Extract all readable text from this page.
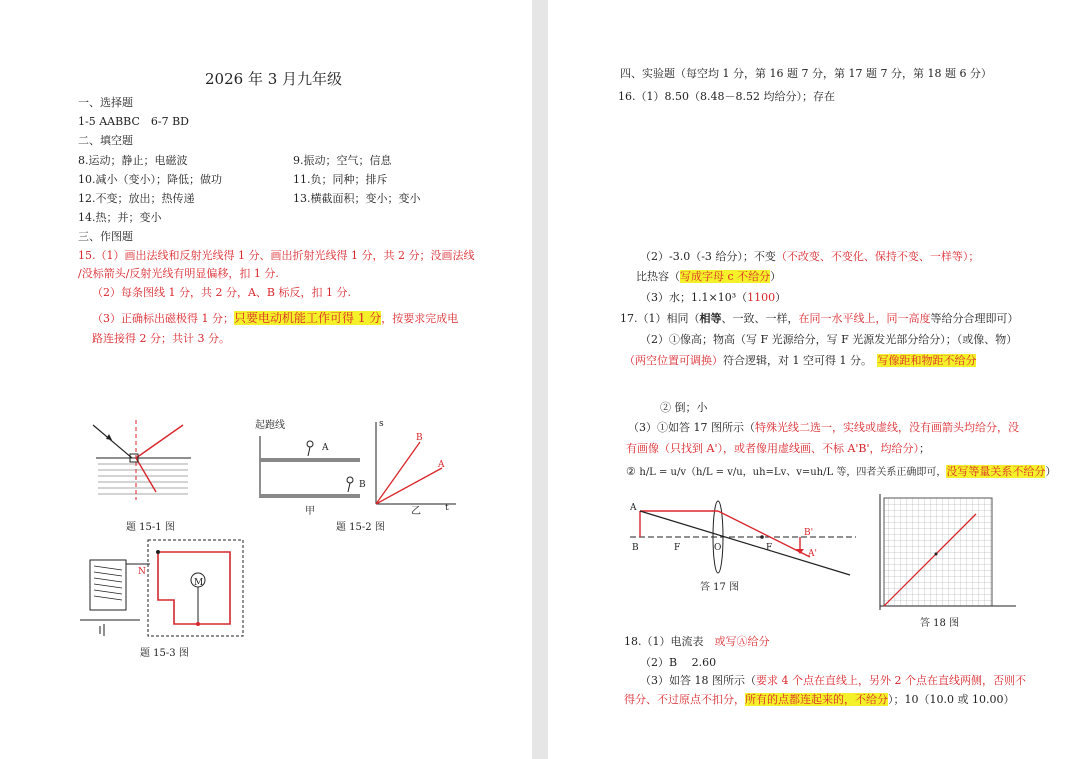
2026 年 3 月九年级
一、选择题
1-5 AABBC　6-7 BD
二、填空题
8.运动；静止；电磁波	9.振动；空气；信息
10.减小（变小）；降低；做功	11.负；同种；排斥
12.不变；放出；热传递	13.横截面积；变小；变小
14.热；并；变小
三、作图题
15.（1）画出法线和反射光线得 1 分、画出折射光线得 1 分，共 2 分；没画法线
/没标箭头/反射光线有明显偏移，扣 1 分.
（2）每条图线 1 分，共 2 分，A、B 标反，扣 1 分.
（3）正确标出磁极得 1 分；只要电动机能工作可得 1 分，按要求完成电
路连接得 2 分；共计 3 分。
题 15-1 图
起跑线
A
B
甲
s
B
A
乙	t
题 15-2 图
N
M
题 15-3 图
四、实验题（每空均 1 分，第 16 题 7 分，第 17 题 7 分，第 18 题 6 分）
16.（1）8.50（8.48－8.52 均给分）；存在
（2）-3.0（-3 给分）；不变（不改变、不变化、保持不变、一样等）；
比热容（写成字母 c 不给分）
（3）水；1.1×10³（1100）
17.（1）相同（相等、一致、一样，在同一水平线上，同一高度等给分合理即可）
（2）①像高；物高（写 F 光源给分，写 F 光源发光部分给分）；（或像、物）
（两空位置可调换）符合逻辑，对 1 空可得 1 分。　 写像距和物距不给分
② 倒；小
（3）①如答 17 图所示（特殊光线二选一，实线或虚线，没有画箭头均给分，没
有画像（只找到 A'），或者像用虚线画、不标 A'B'，均给分）；
② h/L = u/v（h/L = v/u，uh=Lv、v=uh/L 等，四者关系正确即可，没写等量关系不给分）
A
B	F	O	F
B'
A'
答 17 图
答 18 图
18.（1）电流表　 或写Ⓐ给分
（2）B　 2.60
（3）如答 18 图所示（要求 4 个点在直线上，另外 2 个点在直线两侧，否则不
得分、不过原点不扣分，所有的点都连起来的，不给分）；10（10.0 或 10.00）
